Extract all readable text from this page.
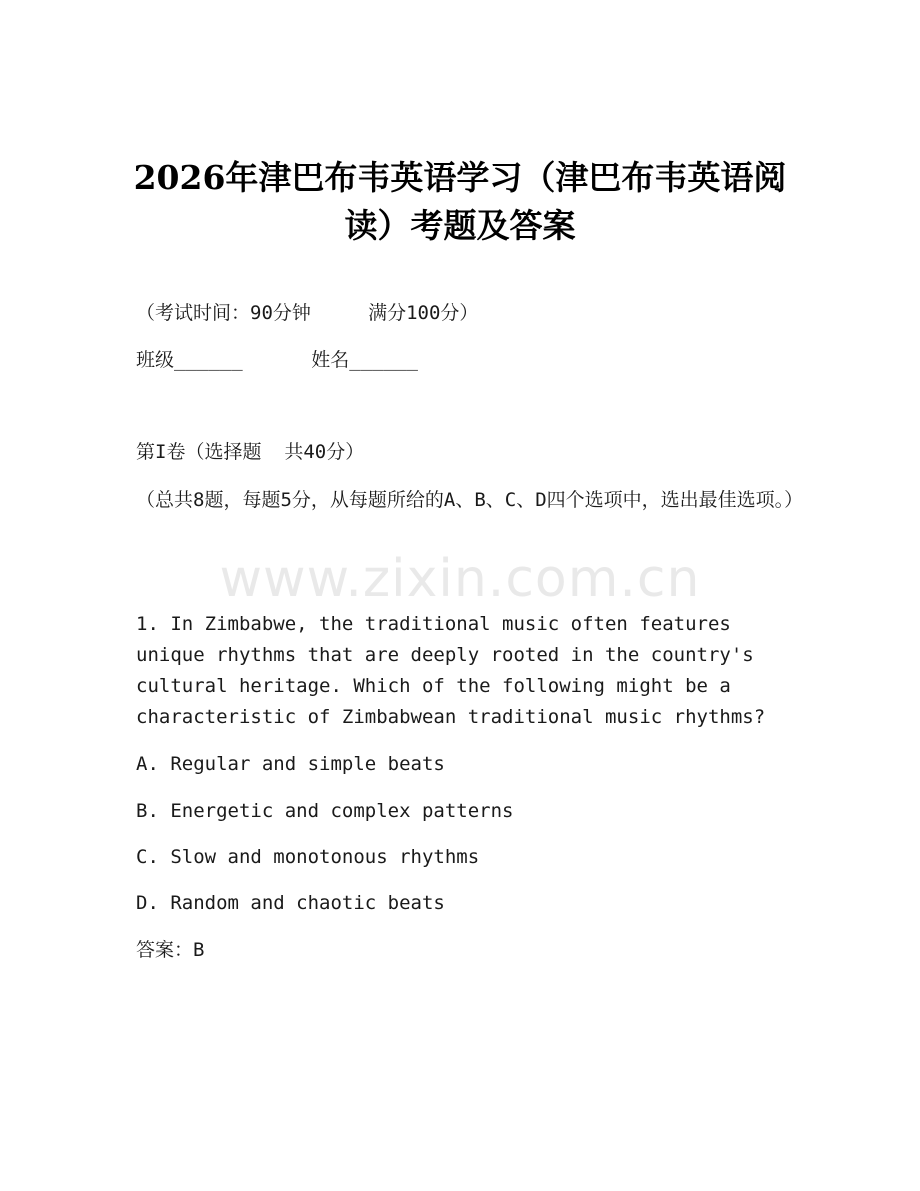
2026年津巴布韦英语学习（津巴布韦英语阅
读）考题及答案
（考试时间：90分钟     满分100分）
班级______      姓名______
第I卷（选择题  共40分）
（总共8题，每题5分，从每题所给的A、B、C、D四个选项中，选出最佳选项。）
www.zixin.com.cn
1. In Zimbabwe, the traditional music often features unique rhythms that are deeply rooted in the country's cultural heritage. Which of the following might be a characteristic of Zimbabwean traditional music rhythms?
A. Regular and simple beats
B. Energetic and complex patterns
C. Slow and monotonous rhythms
D. Random and chaotic beats
答案：B
